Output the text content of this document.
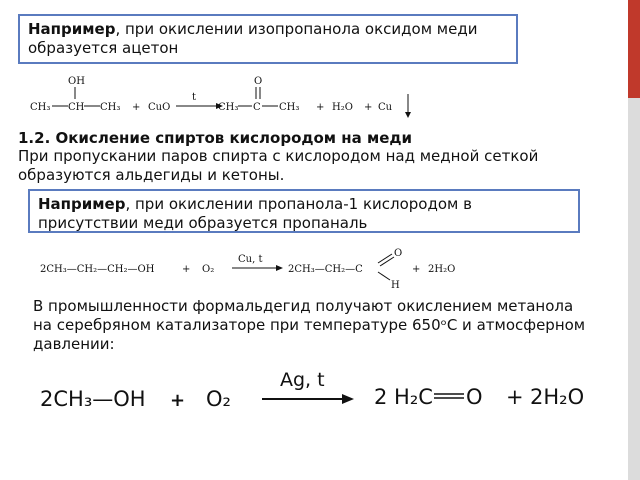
Например, при окислении изопропанола оксидом меди образуется ацетон
OH
CH₃ CH CH₃ + CuO
t
O
CH₃ C CH₃ + H₂O + Cu
1.2. Окисление спиртов кислородом на меди
При пропускании паров спирта с кислородом над медной сеткой образуются альдегиды и кетоны.
Например, при окислении пропанола-1 кислородом в присутствии меди образуется пропаналь
2CH₃—CH₂—CH₂—OH	+ O₂
Cu, t
2CH₃—CH₂—C
O
H
+ 2H₂O
В промышленности формальдегид получают окислением метанола на серебряном катализаторе при температуре 650ᵒС и атмосферном давлении:
2CH₃—OH + O₂
Ag, t
2 H₂C O + 2H₂O
